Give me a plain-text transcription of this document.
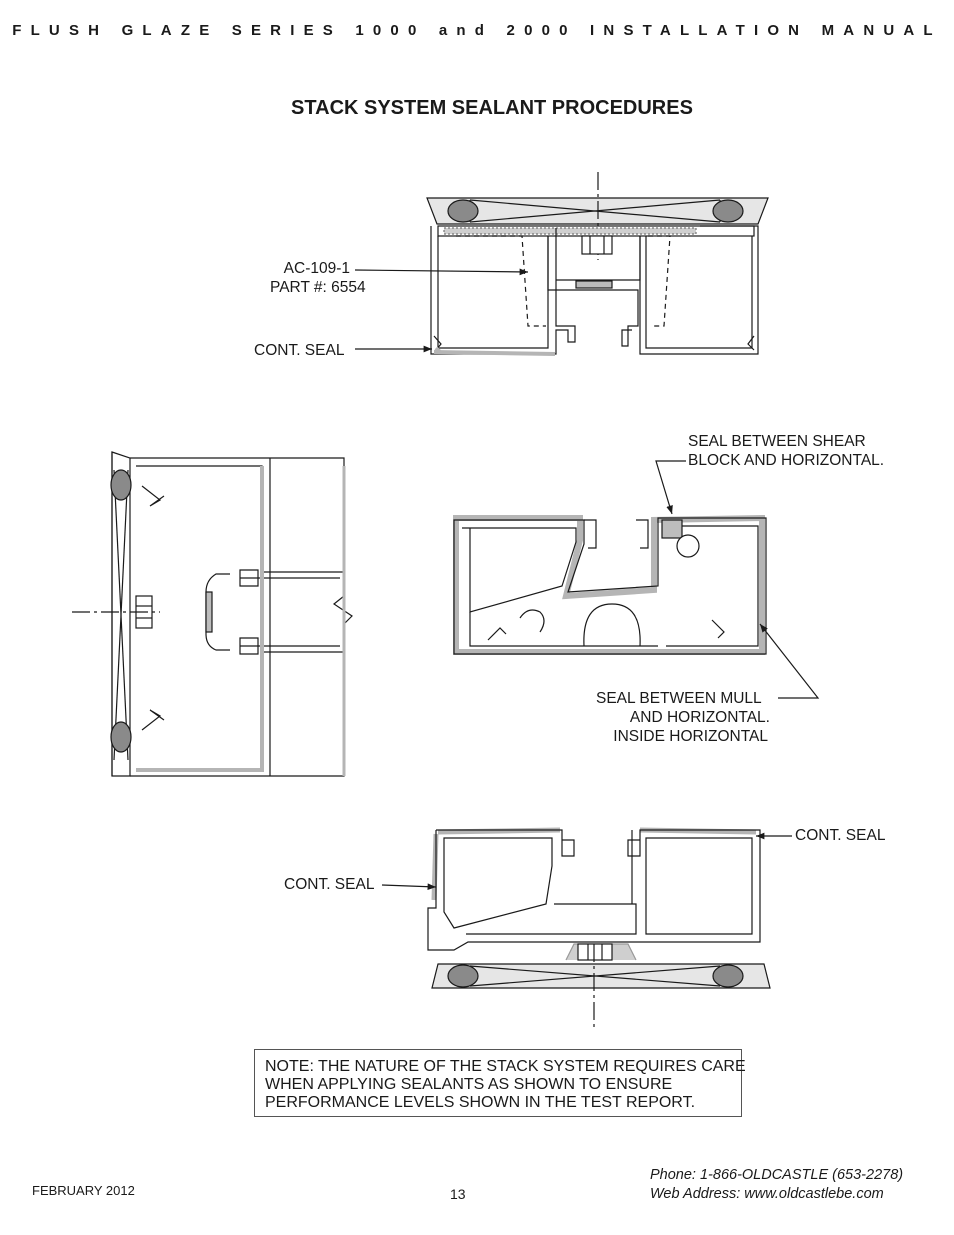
FLUSH GLAZE SERIES 1000 and 2000 INSTALLATION MANUAL
STACK SYSTEM SEALANT PROCEDURES
AC-109-1
PART #: 6554
CONT. SEAL
SEAL BETWEEN SHEAR
BLOCK AND HORIZONTAL.
SEAL BETWEEN MULL
AND HORIZONTAL.
INSIDE HORIZONTAL
CONT. SEAL
CONT. SEAL
NOTE: THE NATURE OF THE STACK SYSTEM REQUIRES CARE
WHEN APPLYING SEALANTS AS SHOWN TO ENSURE
PERFORMANCE LEVELS SHOWN IN THE TEST REPORT.
FEBRUARY 2012	13
Phone: 1-866-OLDCASTLE (653-2278)
Web Address: www.oldcastlebe.com
